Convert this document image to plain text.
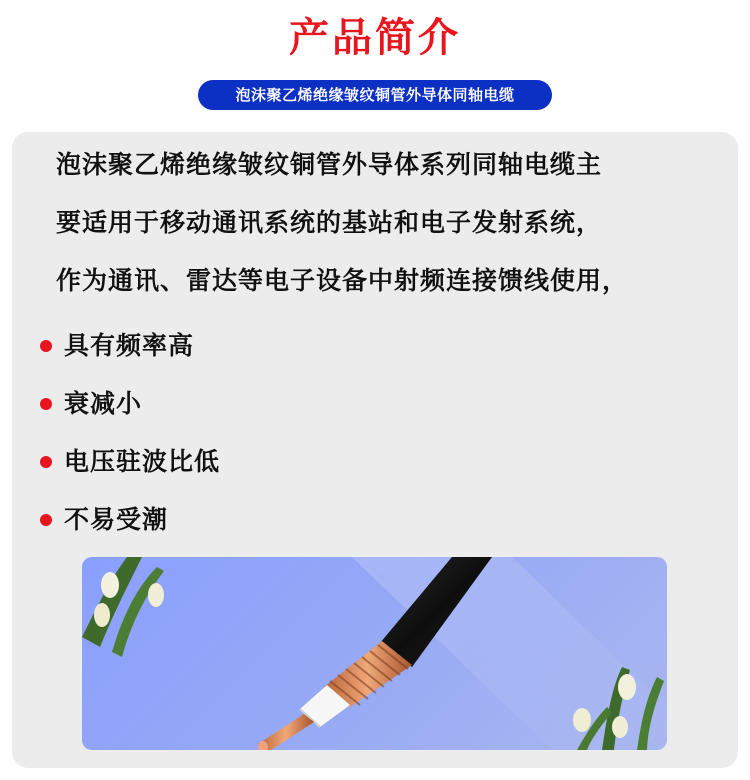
产品简介
泡沫聚乙烯绝缘皱纹铜管外导体同轴电缆
泡沫聚乙烯绝缘皱纹铜管外导体系列同轴电缆主
要适用于移动通讯系统的基站和电子发射系统，
作为通讯、雷达等电子设备中射频连接馈线使用，
具有频率高
衰减小
电压驻波比低
不易受潮
